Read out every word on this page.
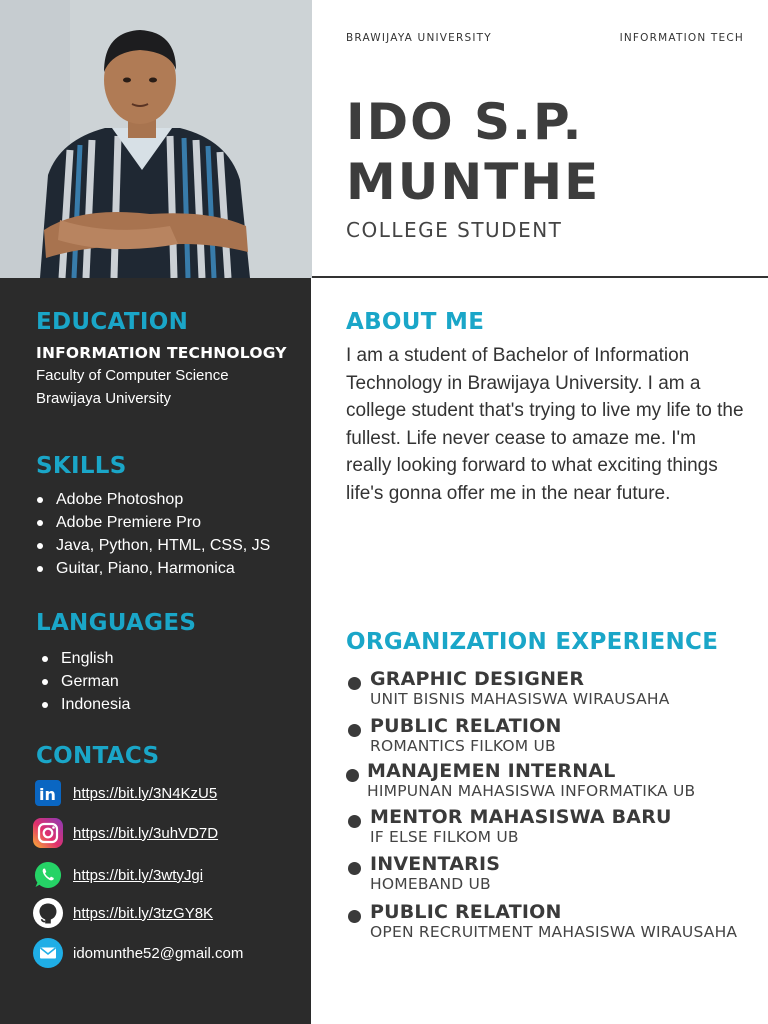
BRAWIJAYA UNIVERSITY	INFORMATION TECH
IDO S.P.
MUNTHE
COLLEGE STUDENT
EDUCATION
INFORMATION TECHNOLOGY
Faculty of Computer Science
Brawijaya University
SKILLS
Adobe Photoshop
Adobe Premiere Pro
Java, Python, HTML, CSS, JS
Guitar, Piano, Harmonica
LANGUAGES
English
German
Indonesia
CONTACS
in https://bit.ly/3N4KzU5
https://bit.ly/3uhVD7D
https://bit.ly/3wtyJgi
https://bit.ly/3tzGY8K
idomunthe52@gmail.com
ABOUT ME
I am a student of Bachelor of Information Technology in Brawijaya University. I am a college student that's trying to live my life to the fullest. Life never cease to amaze me. I'm really looking forward to what exciting things life's gonna offer me in the near future.
ORGANIZATION EXPERIENCE
GRAPHIC DESIGNER
UNIT BISNIS MAHASISWA WIRAUSAHA
PUBLIC RELATION
ROMANTICS FILKOM UB
MANAJEMEN INTERNAL
HIMPUNAN MAHASISWA INFORMATIKA UB
MENTOR MAHASISWA BARU
IF ELSE FILKOM UB
INVENTARIS
HOMEBAND UB
PUBLIC RELATION
OPEN RECRUITMENT MAHASISWA WIRAUSAHA
